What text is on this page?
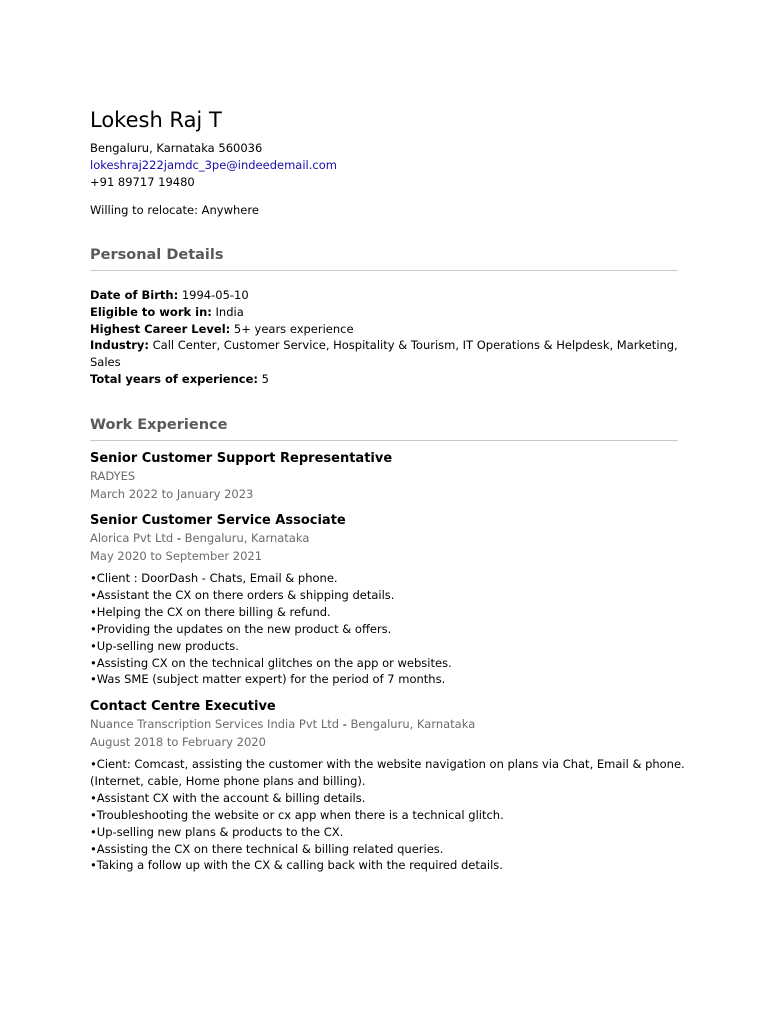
Lokesh Raj T
Bengaluru, Karnataka 560036
lokeshraj222jamdc_3pe@indeedemail.com
+91 89717 19480
Willing to relocate: Anywhere
Personal Details
Date of Birth: 1994-05-10
Eligible to work in: India
Highest Career Level: 5+ years experience
Industry: Call Center, Customer Service, Hospitality & Tourism, IT Operations & Helpdesk, Marketing, Sales
Total years of experience: 5
Work Experience
Senior Customer Support Representative
RADYES
March 2022 to January 2023
Senior Customer Service Associate
Alorica Pvt Ltd - Bengaluru, Karnataka
May 2020 to September 2021
• Client : DoorDash - Chats, Email & phone.
• Assistant the CX on there orders & shipping details.
• Helping the CX on there billing & refund.
• Providing the updates on the new product & offers.
• Up-selling new products.
• Assisting CX on the technical glitches on the app or websites.
• Was SME (subject matter expert) for the period of 7 months.
Contact Centre Executive
Nuance Transcription Services India Pvt Ltd - Bengaluru, Karnataka
August 2018 to February 2020
• Cient: Comcast, assisting the customer with the website navigation on plans via Chat, Email & phone. (Internet, cable, Home phone plans and billing).
• Assistant CX with the account & billing details.
• Troubleshooting the website or cx app when there is a technical glitch.
• Up-selling new plans & products to the CX.
• Assisting the CX on there technical & billing related queries.
• Taking a follow up with the CX & calling back with the required details.
